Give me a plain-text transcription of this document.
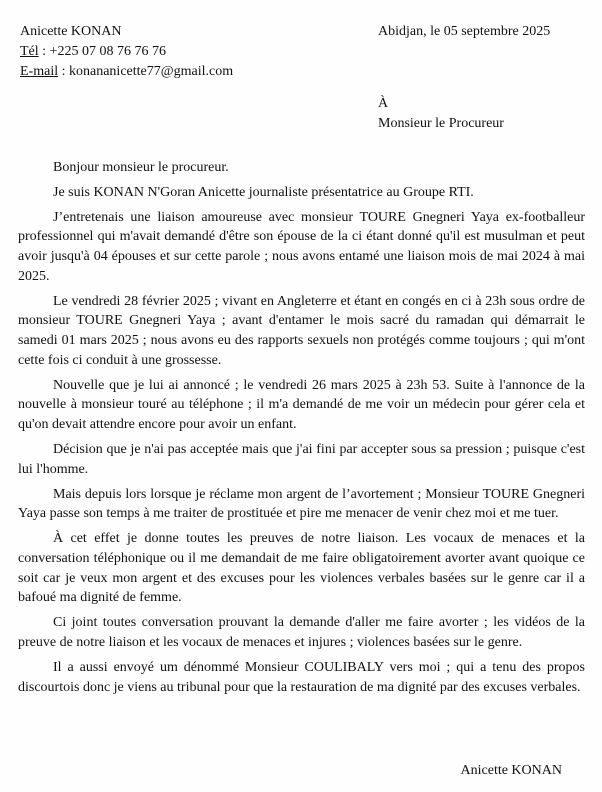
Anicette KONAN
Tél : +225 07 08 76 76 76
E-mail : konananicette77@gmail.com
Abidjan, le 05 septembre 2025
À
Monsieur le Procureur

Bonjour monsieur le procureur.

Je suis KONAN N'Goran Anicette journaliste présentatrice au Groupe RTI.

J’entretenais une liaison amoureuse avec monsieur TOURE Gnegneri Yaya ex-footballeur professionnel qui m'avait demandé d'être son épouse de la ci étant donné qu'il est musulman et peut avoir jusqu'à 04 épouses et sur cette parole ; nous avons entamé une liaison mois de mai 2024 à mai 2025.

Le vendredi 28 février 2025 ; vivant en Angleterre et étant en congés en ci à 23h sous ordre de monsieur TOURE Gnegneri Yaya ; avant d'entamer le mois sacré du ramadan qui démarrait le samedi 01 mars 2025 ; nous avons eu des rapports sexuels non protégés comme toujours ; qui m'ont cette fois ci conduit à une grossesse.

Nouvelle que je lui ai annoncé ; le vendredi 26 mars 2025 à 23h 53. Suite à l'annonce de la nouvelle à monsieur touré au téléphone ; il m'a demandé de me voir un médecin pour gérer cela et qu'on devait attendre encore pour avoir un enfant.

Décision que je n'ai pas acceptée mais que j'ai fini par accepter sous sa pression ; puisque c'est lui l'homme.

Mais depuis lors lorsque je réclame mon argent de l’avortement ; Monsieur TOURE Gnegneri Yaya passe son temps à me traiter de prostituée et pire me menacer de venir chez moi et me tuer.

À cet effet je donne toutes les preuves de notre liaison. Les vocaux de menaces et la conversation téléphonique ou il me demandait de me faire obligatoirement avorter avant quoique ce soit car je veux mon argent et des excuses pour les violences verbales basées sur le genre car il a bafoué ma dignité de femme.

Ci joint toutes conversation prouvant la demande d'aller me faire avorter ; les vidéos de la preuve de notre liaison et les vocaux de menaces et injures ; violences basées sur le genre.

Il a aussi envoyé um dénommé Monsieur COULIBALY vers moi ; qui a tenu des propos discourtois donc je viens au tribunal pour que la restauration de ma dignité par des excuses verbales.

Anicette KONAN
